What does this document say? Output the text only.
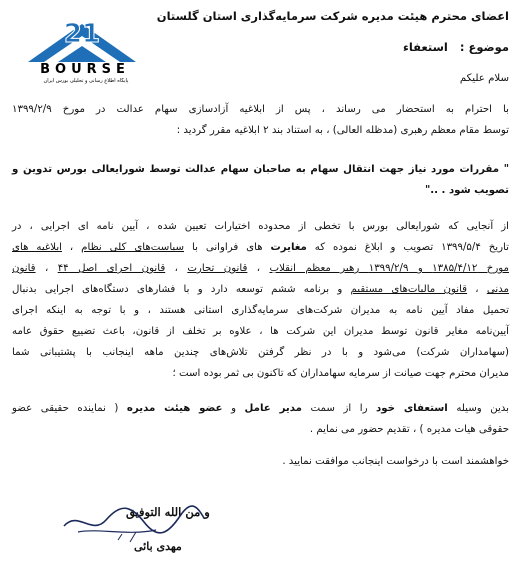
21
BOURSE
پایگاه اطلاع رسانی و تحلیلی بورس ایران
اعضای محترم هیئت مدیره شرکت سرمایه‌گذاری استان گلستان
موضوع :   استعفاء
سلام علیکم
با احترام به استحضار می رساند ، پس از ابلاغیه آزادسازی سهام عدالت در مورخ ۱۳۹۹/۲/۹
توسط مقام معظم رهبری (مدظله العالی) ، به استناد بند ۲ ابلاغیه مقرر گردید :
" مقررات مورد نیاز جهت انتقال سهام به صاحبان سهام عدالت توسط شورایعالی بورس تدوین و
تصویب شود . .."
از آنجایی که شورایعالی بورس با تخطی از محدوده اختیارات تعیین شده ، آیین نامه ای اجرایی ، در
تاریخ ۱۳۹۹/۵/۴ تصویب و ابلاغ نموده که مغایرت های فراوانی با سیاست‌های کلی نظام ، ابلاغیه های
مورخ ۱۳۸۵/۴/۱۲ و ۱۳۹۹/۲/۹ رهبر معظم انقلاب ، قانون تجارت ، قانون اجرای اصل ۴۴ ، قانون
مدنی ، قانون مالیات‌های مستقیم و برنامه ششم توسعه دارد و با فشارهای دستگاه‌های اجرایی بدنبال
تحمیل مفاد آیین نامه به مدیران شرکت‌های سرمایه‌گذاری استانی هستند ، و با توجه به اینکه اجرای
آیین‌نامه مغایر قانون توسط مدیران این شرکت ها ، علاوه بر تخلف از قانون، باعث تضییع حقوق عامه
(سهامداران شرکت) می‌شود و با در نظر گرفتن تلاش‌های چندین ماهه اینجانب با پشتیبانی شما
مدیران محترم جهت صیانت از سرمایه سهامداران که تاکنون بی ثمر بوده است ؛
بدین وسیله استعفای خود را از سمت مدیر عامل و عضو هیئت مدیره ( نماینده حقیقی عضو
حقوقی هیات مدیره ) ، تقدیم حضور می نمایم .
خواهشمند است با درخواست اینجانب موافقت نمایید .
و من الله التوفیق
مهدی بائی
